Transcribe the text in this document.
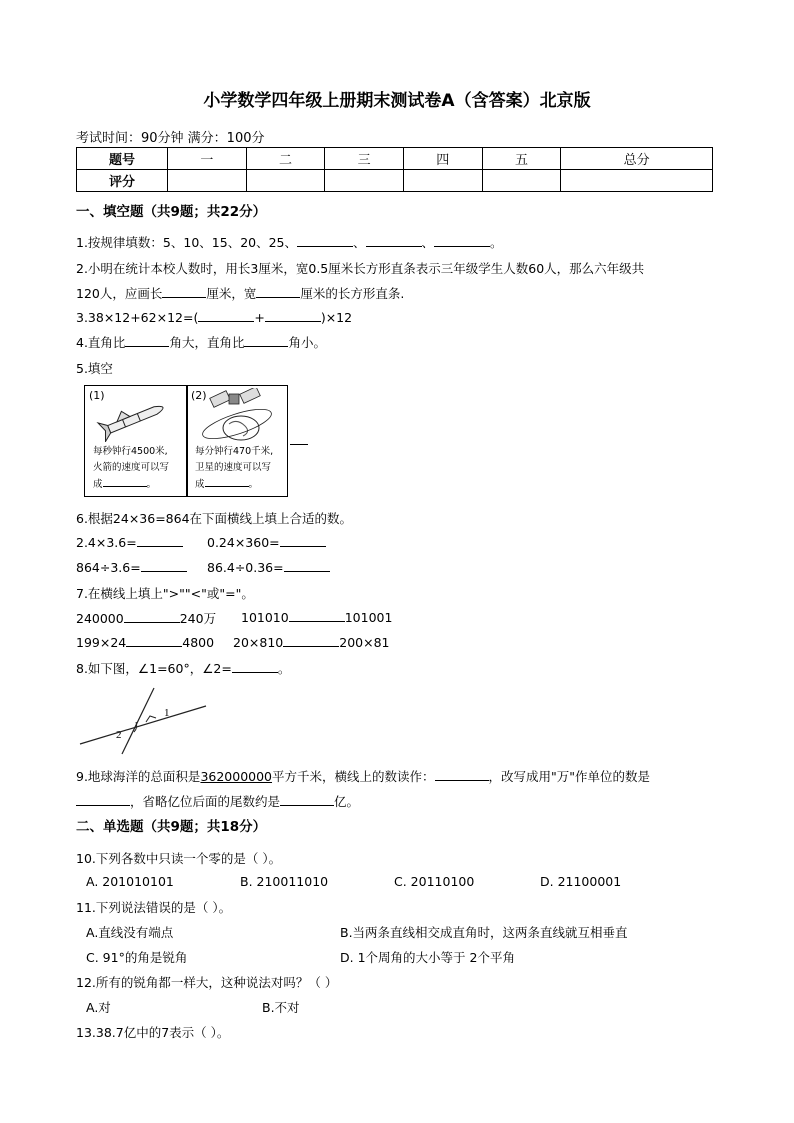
小学数学四年级上册期末测试卷A（含答案）北京版
考试时间：90分钟 满分：100分
题号	一	二	三	四	五	总分
评分						
一、填空题（共9题；共22分）
1.按规律填数：5、10、15、20、25、	、	、	。
2.小明在统计本校人数时，用长3厘米，宽0.5厘米长方形直条表示三年级学生人数60人，那么六年级共
120人，应画长	厘米，宽	厘米的长方形直条.
3.38×12+62×12=(	+	)×12
4.直角比	角大，直角比	角小。
5.填空
(1)
每秒钟行4500米,
火箭的速度可以写
成	。
(2)
每分钟行470千米,
卫星的速度可以写
成	。
6.根据24×36=864在下面横线上填上合适的数。
2.4×3.6=	0.24×360=
864÷3.6=	86.4÷0.36=
7.在横线上填上">""<"或"="。
240000	240万 101010	101001
199×24	4800 20×810	200×81
8.如下图，∠1=60°，∠2=	。
1
2
9.地球海洋的总面积是362000000平方千米，横线上的数读作：	，改写成用"万"作单位的数是
，省略亿位后面的尾数约是	亿。
二、单选题（共9题；共18分）
10.下列各数中只读一个零的是（ ）。
A. 201010101	B. 210011010	C. 20110100	D. 21100001
11.下列说法错误的是（ ）。
A.直线没有端点	B.当两条直线相交成直角时，这两条直线就互相垂直
C. 91°的角是锐角	D. 1个周角的大小等于 2个平角
12.所有的锐角都一样大，这种说法对吗？（ ）
A.对	B.不对
13.38.7亿中的7表示（ ）。
